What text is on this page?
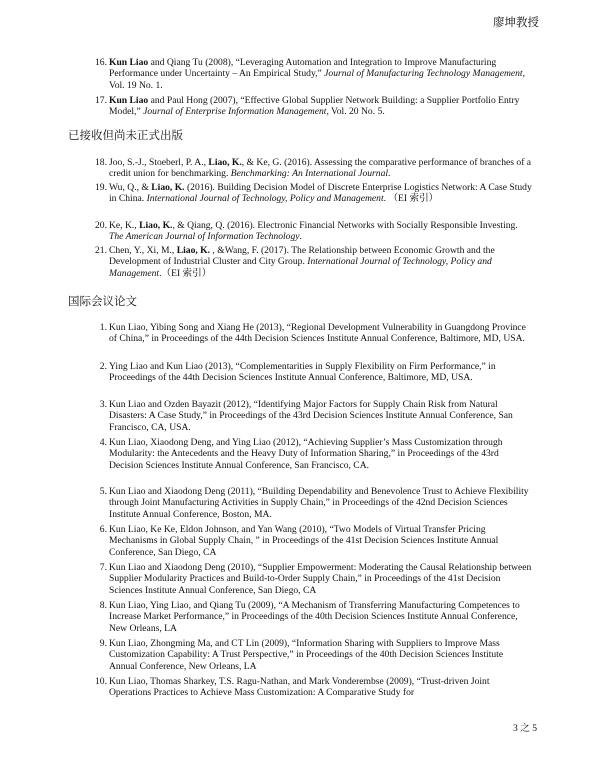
廖坤教授
16. Kun Liao and Qiang Tu (2008), “Leveraging Automation and Integration to Improve Manufacturing Performance under Uncertainty – An Empirical Study,” Journal of Manufacturing Technology Management, Vol. 19 No. 1.
17. Kun Liao and Paul Hong (2007), “Effective Global Supplier Network Building: a Supplier Portfolio Entry Model,” Journal of Enterprise Information Management, Vol. 20 No. 5.
已接收但尚未正式出版
18. Joo, S.-J., Stoeberl, P. A., Liao, K., & Ke, G. (2016). Assessing the comparative performance of branches of a credit union for benchmarking. Benchmarking: An International Journal.
19. Wu, Q., & Liao, K. (2016). Building Decision Model of Discrete Enterprise Logistics Network: A Case Study in China. International Journal of Technology, Policy and Management. （EI 索引）
20. Ke, K., Liao, K., & Qiang, Q. (2016). Electronic Financial Networks with Socially Responsible Investing. The American Journal of Information Technology.
21. Chen, Y., Xi, M., Liao, K. , &Wang, F. (2017). The Relationship between Economic Growth and the Development of Industrial Cluster and City Group. International Journal of Technology, Policy and Management.（EI 索引）
国际会议论文
1. Kun Liao, Yibing Song and Xiang He (2013), “Regional Development Vulnerability in Guangdong Province of China,” in Proceedings of the 44th Decision Sciences Institute Annual Conference, Baltimore, MD, USA.
2. Ying Liao and Kun Liao (2013), “Complementarities in Supply Flexibility on Firm Performance,” in Proceedings of the 44th Decision Sciences Institute Annual Conference, Baltimore, MD, USA.
3. Kun Liao and Ozden Bayazit (2012), “Identifying Major Factors for Supply Chain Risk from Natural Disasters: A Case Study,” in Proceedings of the 43rd Decision Sciences Institute Annual Conference, San Francisco, CA, USA.
4. Kun Liao, Xiaodong Deng, and Ying Liao (2012), “Achieving Supplier’s Mass Customization through Modularity: the Antecedents and the Heavy Duty of Information Sharing,” in Proceedings of the 43rd Decision Sciences Institute Annual Conference, San Francisco, CA.
5. Kun Liao and Xiaodong Deng (2011), “Building Dependability and Benevolence Trust to Achieve Flexibility through Joint Manufacturing Activities in Supply Chain,” in Proceedings of the 42nd Decision Sciences Institute Annual Conference, Boston, MA.
6. Kun Liao, Ke Ke, Eldon Johnson, and Yan Wang (2010), “Two Models of Virtual Transfer Pricing Mechanisms in Global Supply Chain, ” in Proceedings of the 41st Decision Sciences Institute Annual Conference, San Diego, CA
7. Kun Liao and Xiaodong Deng (2010), “Supplier Empowerment: Moderating the Causal Relationship between Supplier Modularity Practices and Build-to-Order Supply Chain,” in Proceedings of the 41st Decision Sciences Institute Annual Conference, San Diego, CA
8. Kun Liao, Ying Liao, and Qiang Tu (2009), “A Mechanism of Transferring Manufacturing Competences to Increase Market Performance,” in Proceedings of the 40th Decision Sciences Institute Annual Conference, New Orleans, LA
9. Kun Liao, Zhongming Ma, and CT Lin (2009), “Information Sharing with Suppliers to Improve Mass Customization Capability: A Trust Perspective,” in Proceedings of the 40th Decision Sciences Institute Annual Conference, New Orleans, LA
10. Kun Liao, Thomas Sharkey, T.S. Ragu-Nathan, and Mark Vonderembse (2009), “Trust-driven Joint Operations Practices to Achieve Mass Customization: A Comparative Study for
3 之 5
